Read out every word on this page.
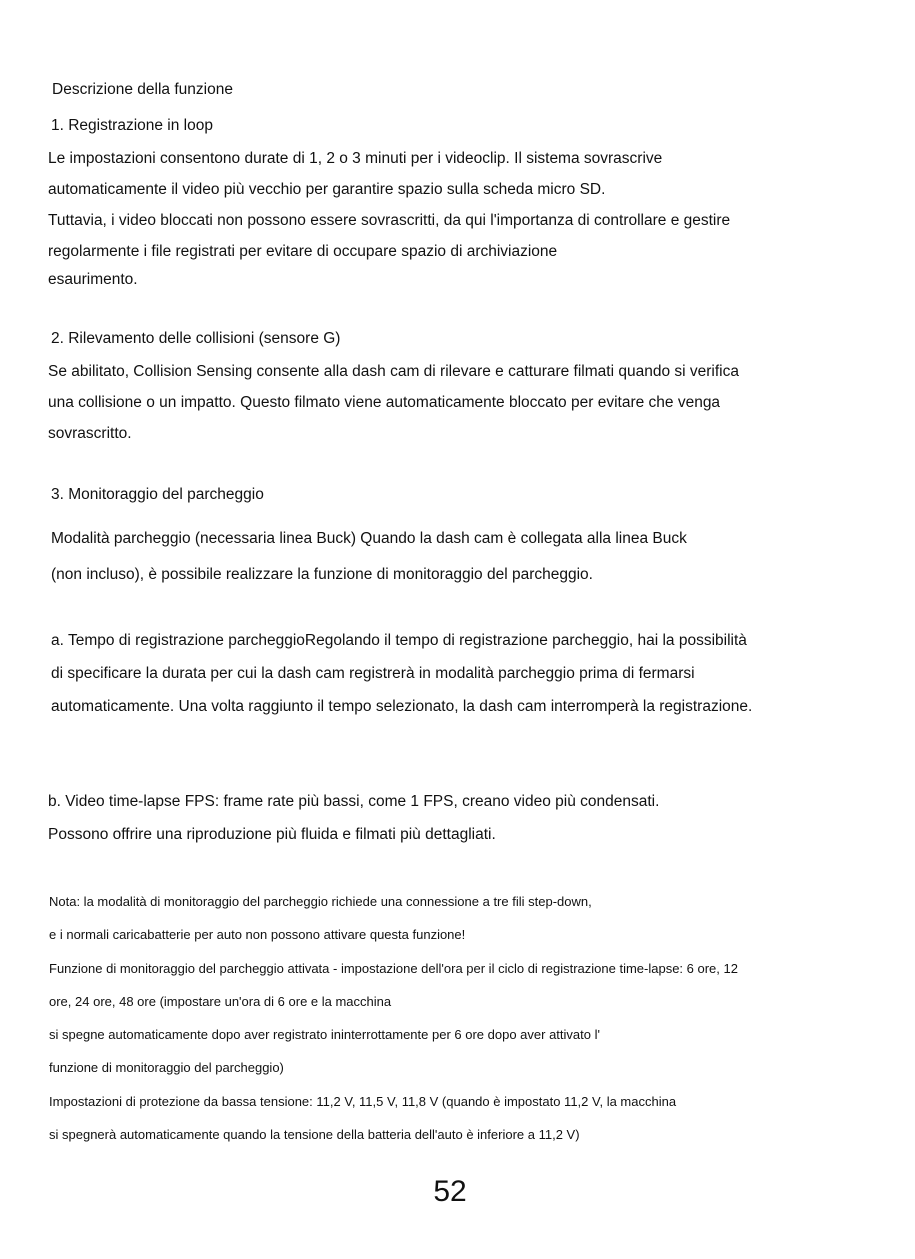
Descrizione della funzione
1. Registrazione in loop
Le impostazioni consentono durate di 1, 2 o 3 minuti per i videoclip. Il sistema sovrascrive
automaticamente il video più vecchio per garantire spazio sulla scheda micro SD.
Tuttavia, i video bloccati non possono essere sovrascritti, da qui l'importanza di controllare e gestire
regolarmente i file registrati per evitare di occupare spazio di archiviazione
esaurimento.
2. Rilevamento delle collisioni (sensore G)
Se abilitato, Collision Sensing consente alla dash cam di rilevare e catturare filmati quando si verifica
una collisione o un impatto. Questo filmato viene automaticamente bloccato per evitare che venga
sovrascritto.
3. Monitoraggio del parcheggio
Modalità parcheggio (necessaria linea Buck) Quando la dash cam è collegata alla linea Buck
(non incluso), è possibile realizzare la funzione di monitoraggio del parcheggio.
a. Tempo di registrazione parcheggioRegolando il tempo di registrazione parcheggio, hai la possibilità
di specificare la durata per cui la dash cam registrerà in modalità parcheggio prima di fermarsi
automaticamente. Una volta raggiunto il tempo selezionato, la dash cam interromperà la registrazione.
b. Video time-lapse FPS: frame rate più bassi, come 1 FPS, creano video più condensati.
Possono offrire una riproduzione più fluida e filmati più dettagliati.
Nota: la modalità di monitoraggio del parcheggio richiede una connessione a tre fili step-down,
e i normali caricabatterie per auto non possono attivare questa funzione!
Funzione di monitoraggio del parcheggio attivata - impostazione dell'ora per il ciclo di registrazione time-lapse: 6 ore, 12
ore, 24 ore, 48 ore (impostare un'ora di 6 ore e la macchina
si spegne automaticamente dopo aver registrato ininterrottamente per 6 ore dopo aver attivato l'
funzione di monitoraggio del parcheggio)
Impostazioni di protezione da bassa tensione: 11,2 V, 11,5 V, 11,8 V (quando è impostato 11,2 V, la macchina
si spegnerà automaticamente quando la tensione della batteria dell'auto è inferiore a 11,2 V)
52
